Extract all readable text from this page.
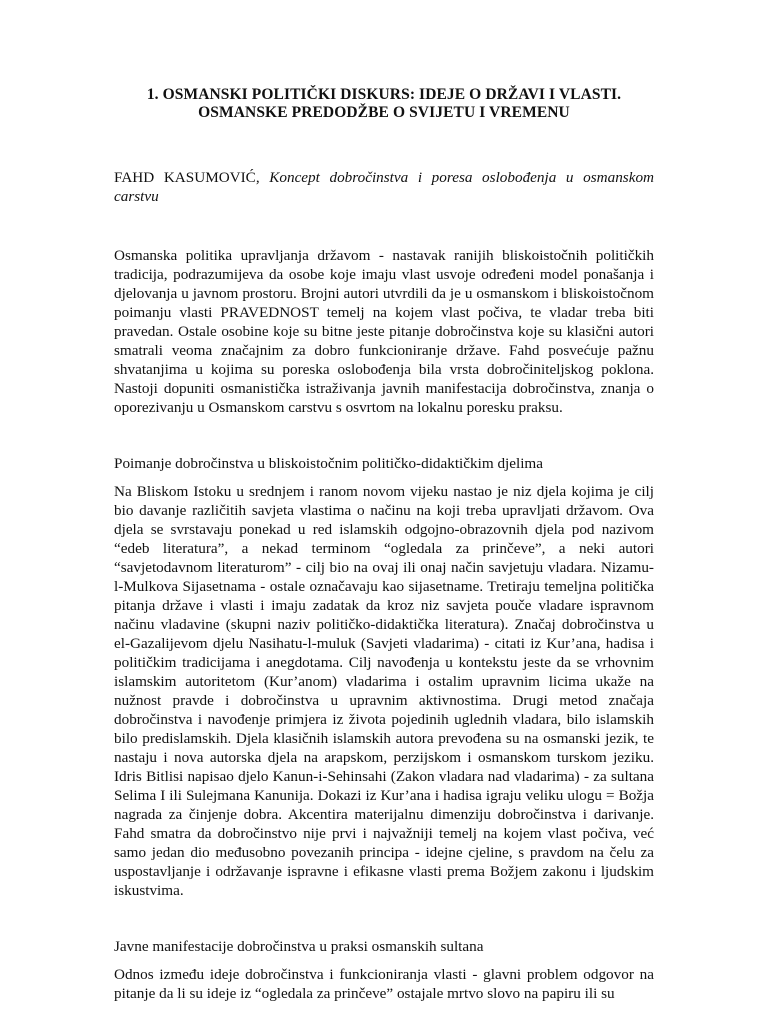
1. OSMANSKI POLITIČKI DISKURS: IDEJE O DRŽAVI I VLASTI.
OSMANSKE PREDODŽBE O SVIJETU I VREMENU
FAHD KASUMOVIĆ, Koncept dobročinstva i poresa oslobođenja u osmanskom carstvu

Osmanska politika upravljanja državom - nastavak ranijih bliskoistočnih političkih tradicija, podrazumijeva da osobe koje imaju vlast usvoje određeni model ponašanja i djelovanja u javnom prostoru. Brojni autori utvrdili da je u osmanskom i bliskoistočnom poimanju vlasti PRAVEDNOST temelj na kojem vlast počiva, te vladar treba biti pravedan. Ostale osobine koje su bitne jeste pitanje dobročinstva koje su klasični autori smatrali veoma značajnim za dobro funkcioniranje države. Fahd posvećuje pažnu shvatanjima u kojima su poreska oslobođenja bila vrsta dobročiniteljskog poklona. Nastoji dopuniti osmanistička istraživanja javnih manifestacija dobročinstva, znanja o oporezivanju u Osmanskom carstvu s osvrtom na lokalnu poresku praksu.

Poimanje dobročinstva u bliskoistočnim političko-didaktičkim djelima

Na Bliskom Istoku u srednjem i ranom novom vijeku nastao je niz djela kojima je cilj bio davanje različitih savjeta vlastima o načinu na koji treba upravljati državom. Ova djela se svrstavaju ponekad u red islamskih odgojno-obrazovnih djela pod nazivom “edeb literatura”, a nekad terminom “ogledala za prinčeve”, a neki autori “savjetodavnom literaturom” - cilj bio na ovaj ili onaj način savjetuju vladara. Nizamu-l-Mulkova Sijasetnama - ostale označavaju kao sijasetname. Tretiraju temeljna politička pitanja države i vlasti i imaju zadatak da kroz niz savjeta pouče vladare ispravnom načinu vladavine (skupni naziv političko-didaktička literatura). Značaj dobročinstva u el-Gazalijevom djelu Nasihatu-l-muluk (Savjeti vladarima) - citati iz Kur’ana, hadisa i političkim tradicijama i anegdotama. Cilj navođenja u kontekstu jeste da se vrhovnim islamskim autoritetom (Kur’anom) vladarima i ostalim upravnim licima ukaže na nužnost pravde i dobročinstva u upravnim aktivnostima. Drugi metod značaja dobročinstva i navođenje primjera iz života pojedinih uglednih vladara, bilo islamskih bilo predislamskih. Djela klasičnih islamskih autora prevođena su na osmanski jezik, te nastaju i nova autorska djela na arapskom, perzijskom i osmanskom turskom jeziku. Idris Bitlisi napisao djelo Kanun-i-Sehinsahi (Zakon vladara nad vladarima) - za sultana Selima I ili Sulejmana Kanunija. Dokazi iz Kur’ana i hadisa igraju veliku ulogu = Božja nagrada za činjenje dobra. Akcentira materijalnu dimenziju dobročinstva i darivanje. Fahd smatra da dobročinstvo nije prvi i najvažniji temelj na kojem vlast počiva, već samo jedan dio međusobno povezanih principa - idejne cjeline, s pravdom na čelu za uspostavljanje i održavanje ispravne i efikasne vlasti prema Božjem zakonu i ljudskim iskustvima.

Javne manifestacije dobročinstva u praksi osmanskih sultana

Odnos između ideje dobročinstva i funkcioniranja vlasti - glavni problem odgovor na pitanje da li su ideje iz “ogledala za prinčeve” ostajale mrtvo slovo na papiru ili su
